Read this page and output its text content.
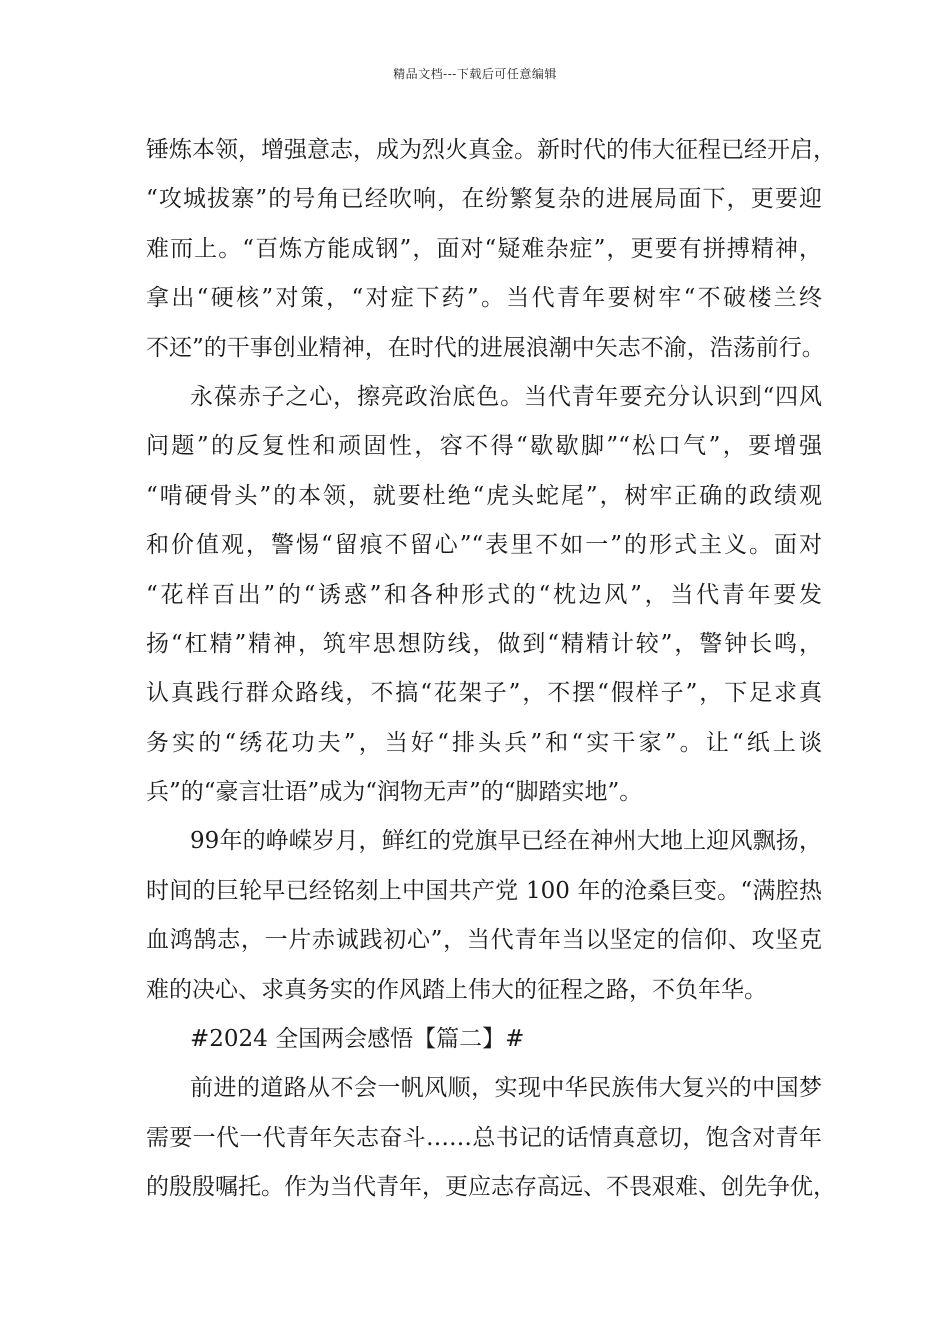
精品文档---下载后可任意编辑
锤炼本领，增强意志，成为烈火真金。新时代的伟大征程已经开启，
“攻城拔寨”的号角已经吹响，在纷繁复杂的进展局面下，更要迎
难而上。“百炼方能成钢”，面对“疑难杂症”，更要有拼搏精神，
拿出“硬核”对策，“对症下药”。当代青年要树牢“不破楼兰终
不还”的干事创业精神，在时代的进展浪潮中矢志不渝，浩荡前行。
永葆赤子之心，擦亮政治底色。当代青年要充分认识到“四风
问题”的反复性和顽固性，容不得“歇歇脚”“松口气”，要增强
“啃硬骨头”的本领，就要杜绝“虎头蛇尾”，树牢正确的政绩观
和价值观，警惕“留痕不留心”“表里不如一”的形式主义。面对
“花样百出”的“诱惑”和各种形式的“枕边风”，当代青年要发
扬“杠精”精神，筑牢思想防线，做到“精精计较”，警钟长鸣，
认真践行群众路线，不搞“花架子”，不摆“假样子”，下足求真
务实的“绣花功夫”，当好“排头兵”和“实干家”。让“纸上谈
兵”的“豪言壮语”成为“润物无声”的“脚踏实地”。
99年的峥嵘岁月，鲜红的党旗早已经在神州大地上迎风飘扬，
时间的巨轮早已经铭刻上中国共产党 100 年的沧桑巨变。“满腔热
血鸿鹄志，一片赤诚践初心”，当代青年当以坚定的信仰、攻坚克
难的决心、求真务实的作风踏上伟大的征程之路，不负年华。
#2024 全国两会感悟【篇二】#
前进的道路从不会一帆风顺，实现中华民族伟大复兴的中国梦
需要一代一代青年矢志奋斗……总书记的话情真意切，饱含对青年
的殷殷嘱托。作为当代青年，更应志存高远、不畏艰难、创先争优，
